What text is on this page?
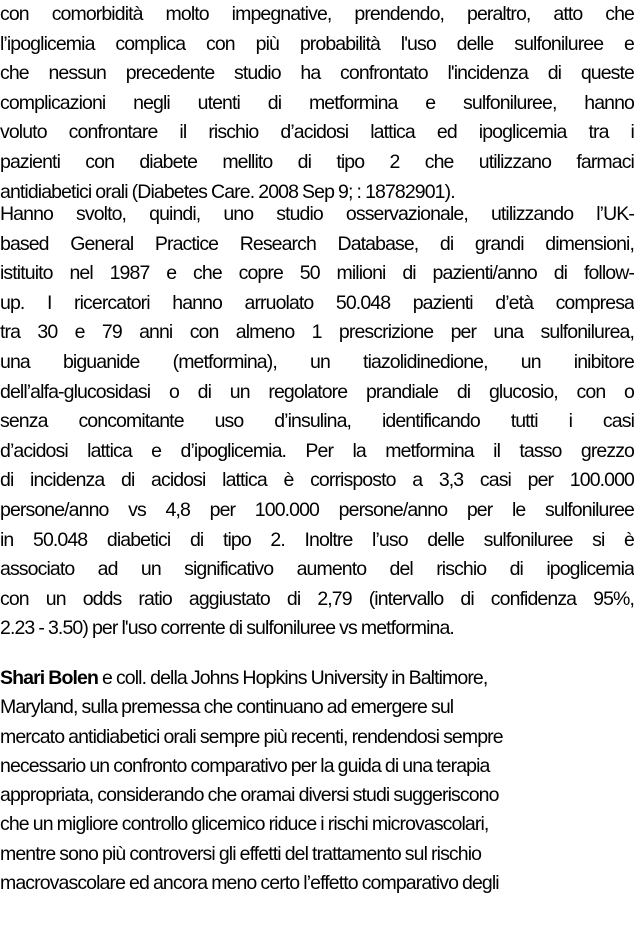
con comorbidità molto impegnative, prendendo, peraltro, atto che
l’ipoglicemia complica con più probabilità l'uso delle sulfoniluree e
che nessun precedente studio ha confrontato l'incidenza di queste
complicazioni negli utenti di metformina e sulfoniluree, hanno
voluto confrontare il rischio d’acidosi lattica ed ipoglicemia tra i
pazienti con diabete mellito di tipo 2 che utilizzano farmaci
antidiabetici orali (Diabetes Care. 2008 Sep 9; : 18782901).
Hanno svolto, quindi, uno studio osservazionale, utilizzando l’UK-
based General Practice Research Database, di grandi dimensioni,
istituito nel 1987 e che copre 50 milioni di pazienti/anno di follow-
up. I ricercatori hanno arruolato 50.048 pazienti d’età compresa
tra 30 e 79 anni con almeno 1 prescrizione per una sulfonilurea,
una biguanide (metformina), un tiazolidinedione, un inibitore
dell’alfa-glucosidasi o di un regolatore prandiale di glucosio, con o
senza concomitante uso d’insulina, identificando tutti i casi
d’acidosi lattica e d’ipoglicemia. Per la metformina il tasso grezzo
di incidenza di acidosi lattica è corrisposto a 3,3 casi per 100.000
persone/anno vs 4,8 per 100.000 persone/anno per le sulfoniluree
in 50.048 diabetici di tipo 2. Inoltre l’uso delle sulfoniluree si è
associato ad un significativo aumento del rischio di ipoglicemia
con un odds ratio aggiustato di 2,79 (intervallo di confidenza 95%,
2.23 - 3.50) per l'uso corrente di sulfoniluree vs metformina.
Shari Bolen e coll. della Johns Hopkins University in Baltimore,
Maryland, sulla premessa che continuano ad emergere sul
mercato antidiabetici orali sempre più recenti, rendendosi sempre
necessario un confronto comparativo per la guida di una terapia
appropriata, considerando che oramai diversi studi suggeriscono
che un migliore controllo glicemico riduce i rischi microvascolari,
mentre sono più controversi gli effetti del trattamento sul rischio
macrovascolare ed ancora meno certo l’effetto comparativo degli
